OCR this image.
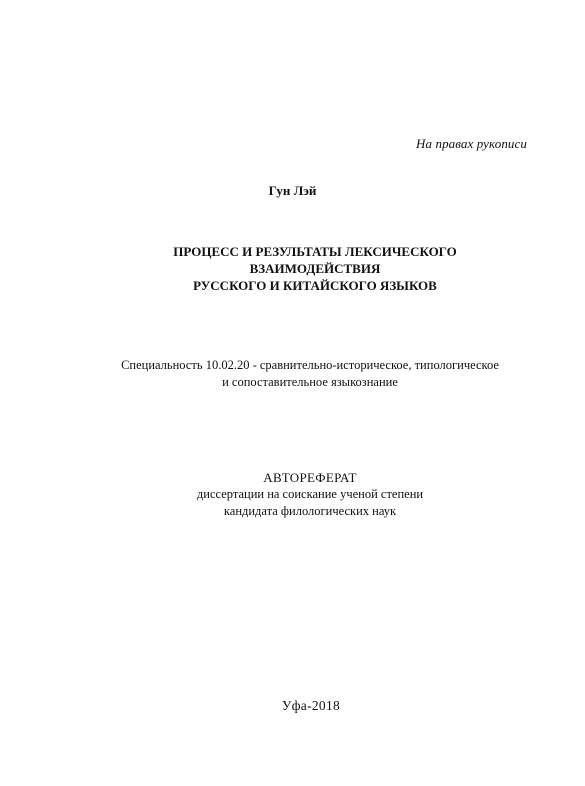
На правах рукописи
Гун Лэй
ПРОЦЕСС И РЕЗУЛЬТАТЫ ЛЕКСИЧЕСКОГО
ВЗАИМОДЕЙСТВИЯ
РУССКОГО И КИТАЙСКОГО ЯЗЫКОВ
Специальность 10.02.20 - сравнительно-историческое, типологическое
и сопоставительное языкознание
АВТОРЕФЕРАТ
диссертации на соискание ученой степени
кандидата филологических наук
Уфа-2018
